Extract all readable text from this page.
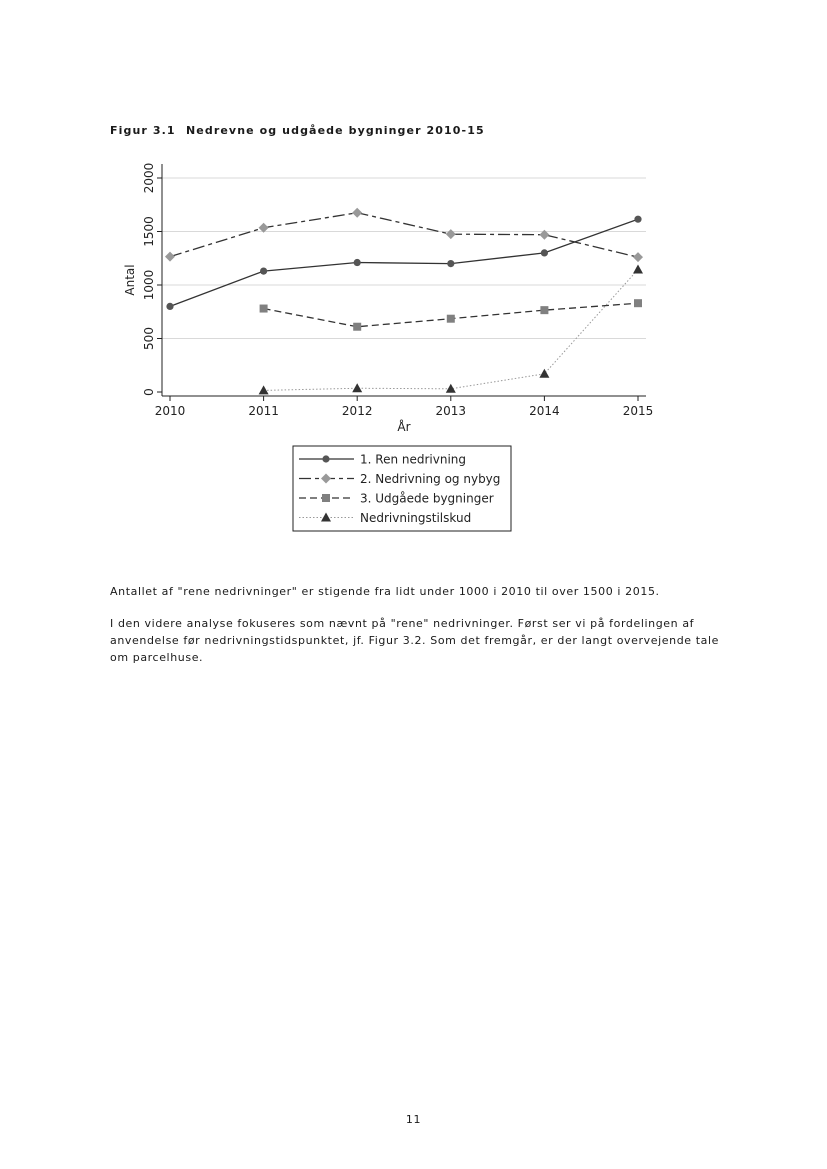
Figur 3.1 Nedrevne og udgåede bygninger 2010-15
0
500
1000
1500
2000
2010	2011	2012	2013	2014	2015
Antal
År
1. Ren nedrivning
2. Nedrivning og nybyg
3. Udgåede bygninger
Nedrivningstilskud
Antallet af "rene nedrivninger" er stigende fra lidt under 1000 i 2010 til over 1500 i 2015.
I den videre analyse fokuseres som nævnt på "rene" nedrivninger. Først ser vi på fordelingen af anvendelse før nedrivningstidspunktet, jf. Figur 3.2. Som det fremgår, er der langt overvejende tale om parcelhuse.
11
